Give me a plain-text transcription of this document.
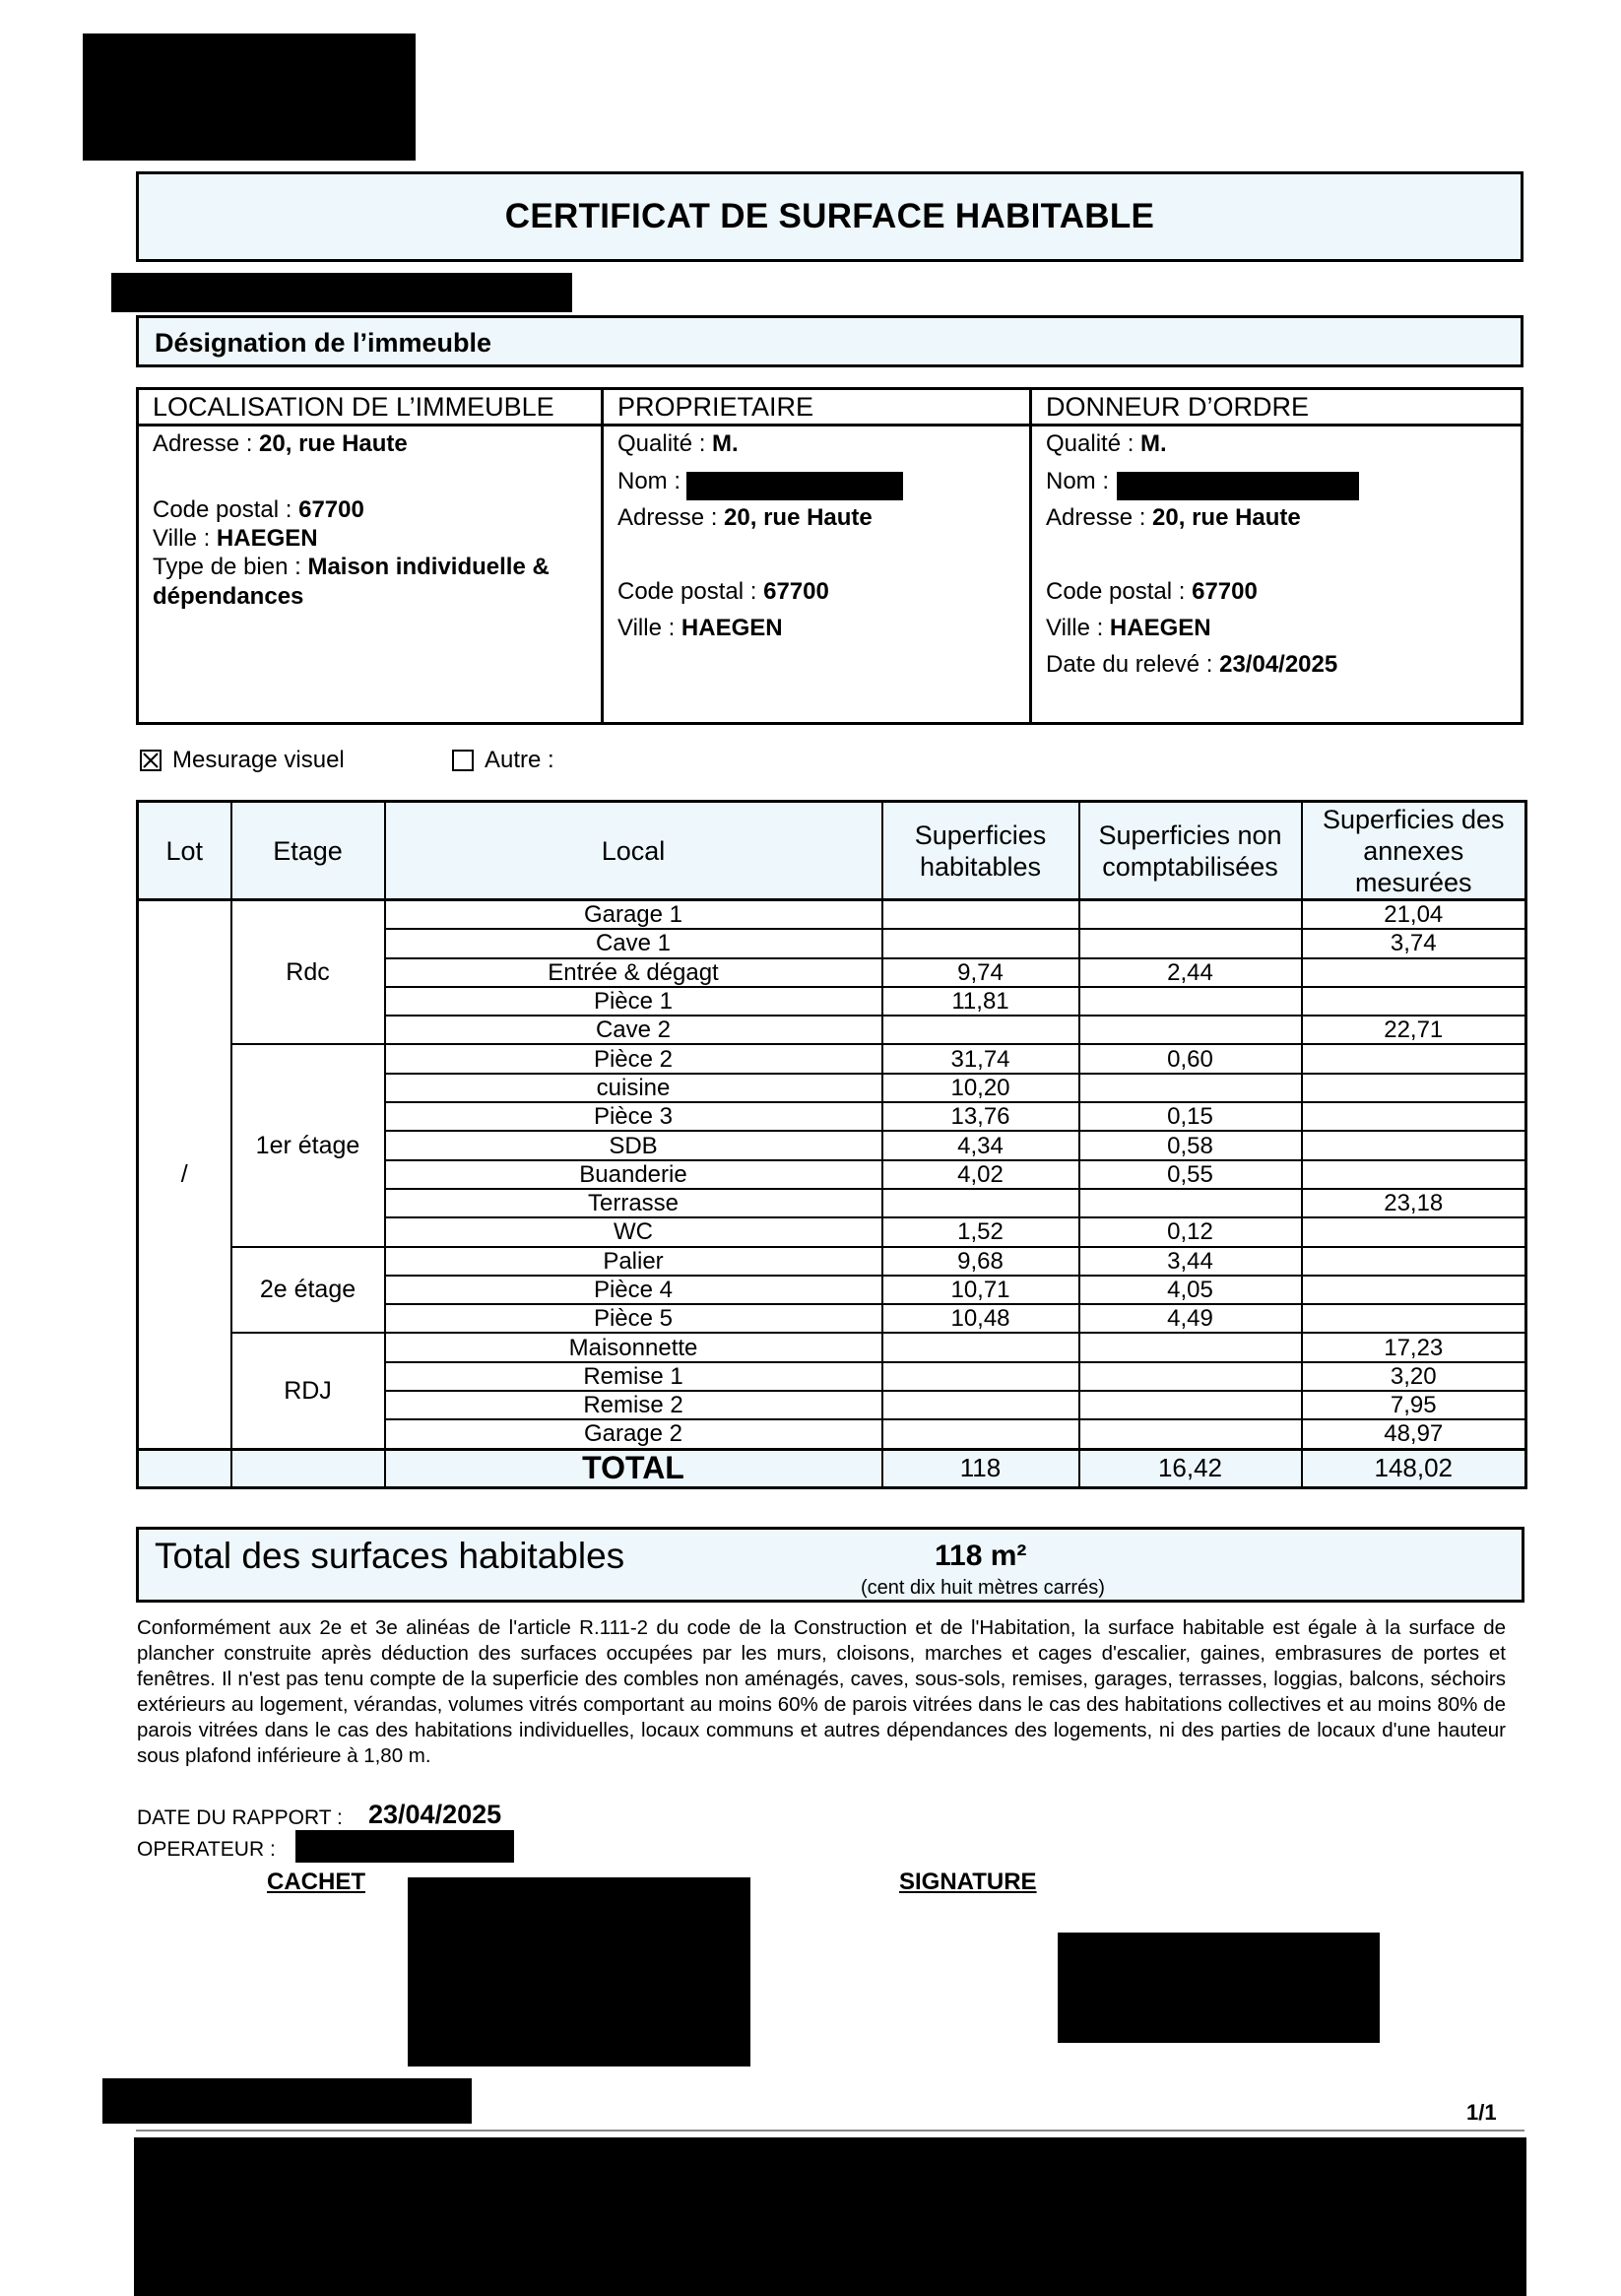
CERTIFICAT DE SURFACE HABITABLE
Désignation de l’immeuble
LOCALISATION DE L’IMMEUBLE
Adresse : 20, rue Haute
Code postal : 67700
Ville : HAEGEN
Type de bien : Maison individuelle &
dépendances
PROPRIETAIRE
Qualité : M.
Nom :
Adresse : 20, rue Haute
Code postal : 67700
Ville : HAEGEN
DONNEUR D’ORDRE
Qualité : M.
Nom :
Adresse : 20, rue Haute
Code postal : 67700
Ville : HAEGEN
Date du relevé : 23/04/2025
Mesurage visuel	Autre :
Lot	Etage	Local	Superficies habitables	Superficies non comptabilisées	Superficies des annexes mesurées
/	Rdc	Garage 1			21,04
		Cave 1			3,74
		Entrée & dégagt	9,74	2,44	
		Pièce 1	11,81		
		Cave 2			22,71
	1er étage	Pièce 2	31,74	0,60	
		cuisine	10,20		
		Pièce 3	13,76	0,15	
		SDB	4,34	0,58	
		Buanderie	4,02	0,55	
		Terrasse			23,18
		WC	1,52	0,12	
	2e étage	Palier	9,68	3,44	
		Pièce 4	10,71	4,05	
		Pièce 5	10,48	4,49	
	RDJ	Maisonnette			17,23
		Remise 1			3,20
		Remise 2			7,95
		Garage 2			48,97
		TOTAL	118	16,42	148,02
Total des surfaces habitables	118 m²
(cent dix huit mètres carrés)
Conformément aux 2e et 3e alinéas de l'article R.111-2 du code de la Construction et de l'Habitation, la surface habitable est égale à la surface de plancher construite après déduction des surfaces occupées par les murs, cloisons, marches et cages d'escalier, gaines, embrasures de portes et fenêtres. Il n'est pas tenu compte de la superficie des combles non aménagés, caves, sous-sols, remises, garages, terrasses, loggias, balcons, séchoirs extérieurs au logement, vérandas, volumes vitrés comportant au moins 60% de parois vitrées dans le cas des habitations collectives et au moins 80% de parois vitrées dans le cas des habitations individuelles, locaux communs et autres dépendances des logements, ni des parties de locaux d'une hauteur sous plafond inférieure à 1,80 m.
DATE DU RAPPORT : 23/04/2025
OPERATEUR :
CACHET	SIGNATURE
1/1
